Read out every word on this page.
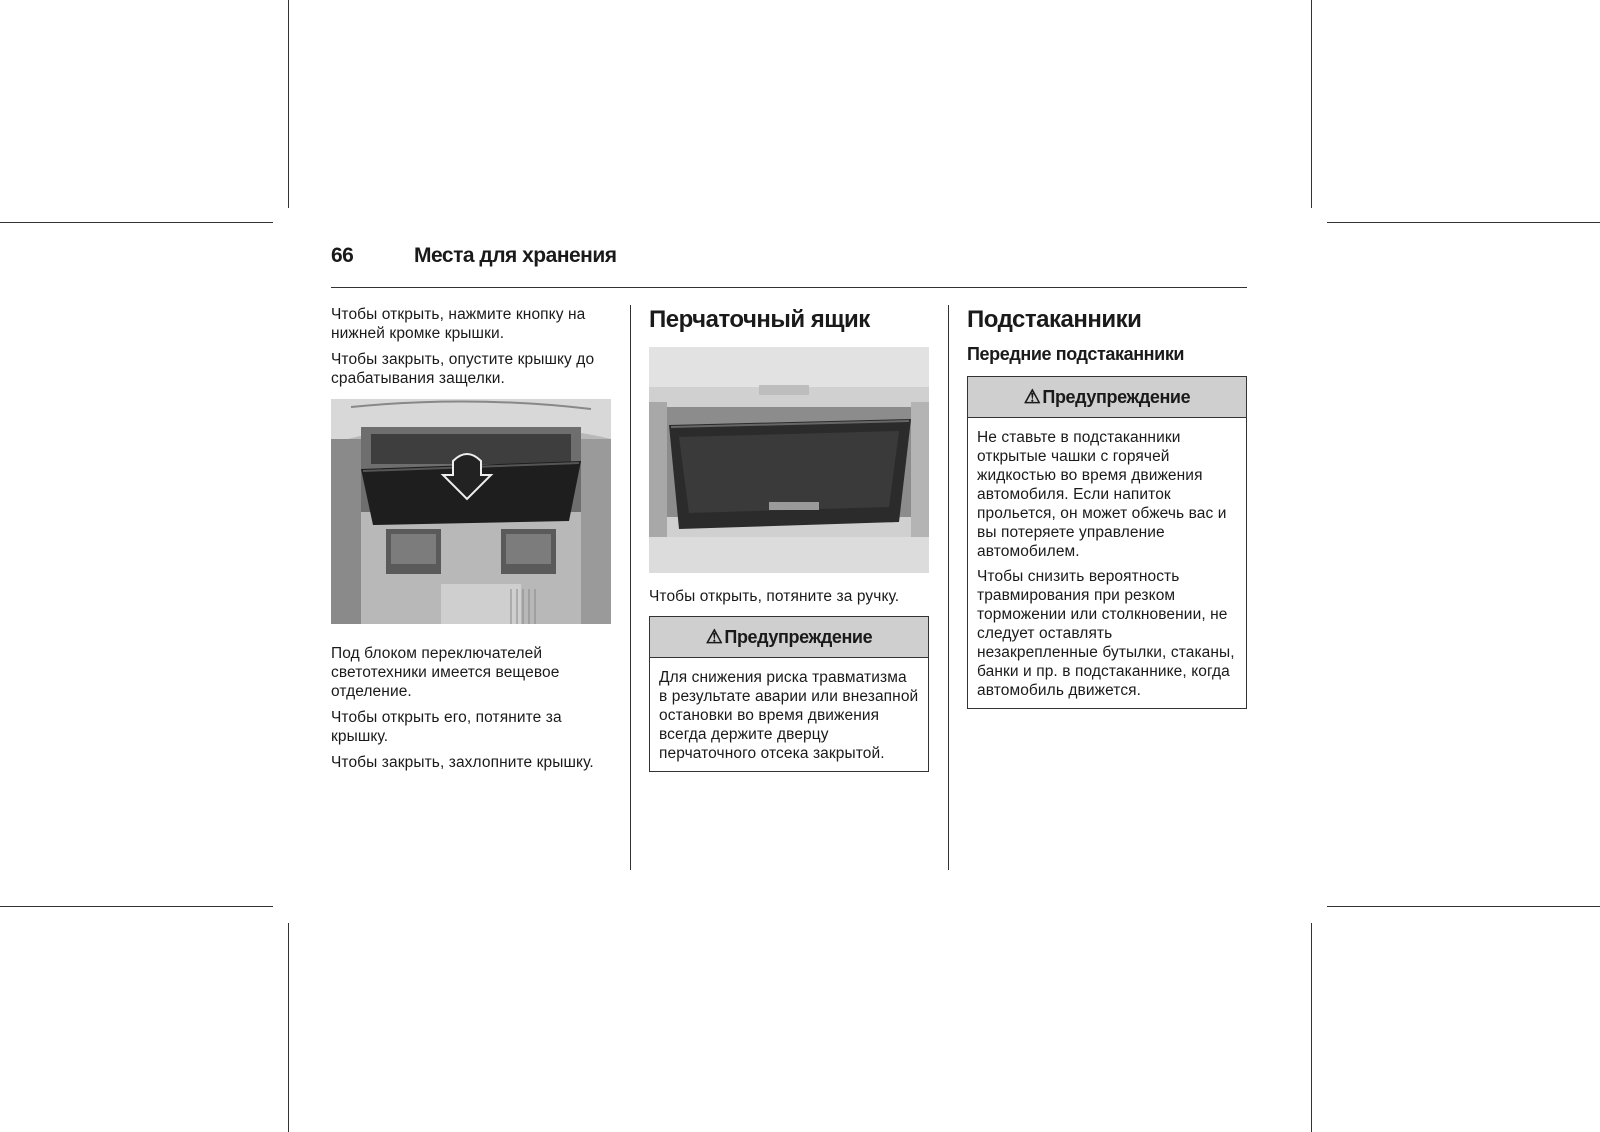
66	Места для хранения

Чтобы открыть, нажмите кнопку на нижней кромке крышки.

Чтобы закрыть, опустите крышку до срабатывания защелки.

Под блоком переключателей светотехники имеется вещевое отделение.

Чтобы открыть его, потяните за крышку.

Чтобы закрыть, захлопните крышку.

Перчаточный ящик

Чтобы открыть, потяните за ручку.

⚠ Предупреждение

Для снижения риска травматизма в результате аварии или внезапной остановки во время движения всегда держите дверцу перчаточного отсека закрытой.

Подстаканники
Передние подстаканники
⚠ Предупреждение

Не ставьте в подстаканники открытые чашки с горячей жидкостью во время движения автомобиля. Если напиток прольется, он может обжечь вас и вы потеряете управление автомобилем.

Чтобы снизить вероятность травмирования при резком торможении или столкновении, не следует оставлять незакрепленные бутылки, стаканы, банки и пр. в подстаканнике, когда автомобиль движется.
